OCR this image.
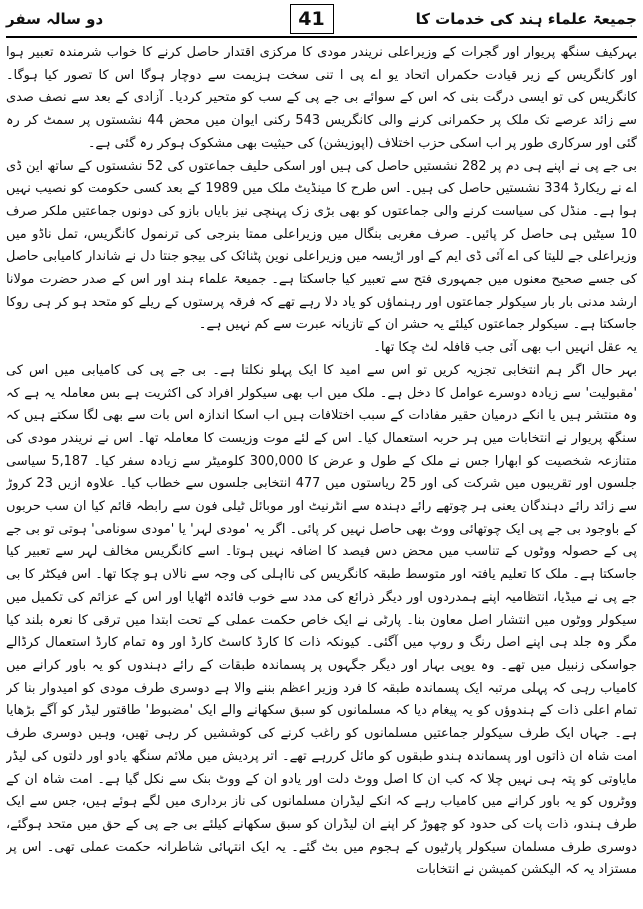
دو سالہ سفر	41	جمیعۃ علماء ہند کی خدمات کا

بہرکیف سنگھ پریوار اور گجرات کے وزیراعلی نریندر مودی کا مرکزی اقتدار حاصل کرنے کا خواب شرمندہ تعبیر ہوا اور کانگریس کے زیر قیادت حکمراں اتحاد یو اے پی ا تنی سخت ہزیمت سے دوچار ہوگا اس کا تصور کیا ہوگا۔ کانگریس کی تو ایسی درگت بنی کہ اس کے سوائے بی جے پی کے سب کو متحیر کردیا۔ آزادی کے بعد سے نصف صدی سے زائد عرصے تک ملک پر حکمرانی کرنے والی کانگریس 543 رکنی ایوان میں محض 44 نشستوں پر سمٹ کر رہ گئی اور سرکاری طور پر اب اسکی حزب اختلاف (اپوزیشن) کی حیثیت بھی مشکوک ہوکر رہ گئی ہے۔

بی جے پی نے اپنے ہی دم پر 282 نشستیں حاصل کی ہیں اور اسکی حلیف جماعتوں کی 52 نشستوں کے ساتھ این ڈی اے نے ریکارڈ 334 نشستیں حاصل کی ہیں۔ اس طرح کا مینڈیٹ ملک میں 1989 کے بعد کسی حکومت کو نصیب نہیں ہوا ہے۔ منڈل کی سیاست کرنے والی جماعتوں کو بھی بڑی زک پہنچی نیز بایاں بازو کی دونوں جماعتیں ملکر صرف 10 سیٹیں ہی حاصل کر پائیں۔ صرف مغربی بنگال میں وزیراعلی ممتا بنرجی کی ترنمول کانگریس، تمل ناڈو میں وزیراعلی جے للیتا کی اے آئی ڈی ایم کے اور اڑیسہ میں وزیراعلی نوین پٹنائک کی بیجو جنتا دل نے شاندار کامیابی حاصل کی جسے صحیح معنوں میں جمہوری فتح سے تعبیر کیا جاسکتا ہے۔ جمیعۃ علماء ہند اور اس کے صدر حضرت مولانا ارشد مدنی بار بار سیکولر جماعتوں اور رہنماؤں کو یاد دلا رہے تھے کہ فرقہ پرستوں کے ریلے کو متحد ہو کر ہی روکا جاسکتا ہے۔ سیکولر جماعتوں کیلئے یہ حشر ان کے تازیانہ عبرت سے کم نہیں ہے۔

یہ عقل انہیں اب بھی آئی جب قافلہ لٹ چکا تھا۔

بہر حال اگر ہم انتخابی تجزیہ کریں تو اس سے امید کا ایک پہلو نکلتا ہے۔ بی جے پی کی کامیابی میں اس کی 'مقبولیت' سے زیادہ دوسرے عوامل کا دخل ہے۔ ملک میں اب بھی سیکولر افراد کی اکثریت ہے بس معاملہ یہ ہے کہ وہ منتشر ہیں یا انکے درمیان حقیر مفادات کے سبب اختلافات ہیں اب اسکا اندازہ اس بات سے بھی لگا سکتے ہیں کہ سنگھ پریوار نے انتخابات میں ہر حربہ استعمال کیا۔ اس کے لئے موت وزیست کا معاملہ تھا۔ اس نے نریندر مودی کی متنازعہ شخصیت کو ابھارا جس نے ملک کے طول و عرض کا 300,000 کلومیٹر سے زیادہ سفر کیا۔ 5,187 سیاسی جلسوں اور تقریبوں میں شرکت کی اور 25 ریاستوں میں 477 انتخابی جلسوں سے خطاب کیا۔ علاوہ ازیں 23 کروڑ سے زائد رائے دہندگان یعنی ہر چوتھے رائے دہندہ سے انٹرنیٹ اور موبائل ٹیلی فون سے رابطہ قائم کیا ان سب حربوں کے باوجود بی جے پی ایک چوتھائی ووٹ بھی حاصل نہیں کر پائی۔ اگر یہ 'مودی لہر' یا 'مودی سونامی' ہوتی تو بی جے پی کے حصولہ ووٹوں کے تناسب میں محض دس فیصد کا اضافہ نہیں ہوتا۔ اسے کانگریس مخالف لہر سے تعبیر کیا جاسکتا ہے۔ ملک کا تعلیم یافتہ اور متوسط طبقہ کانگریس کی نااہلی کی وجہ سے نالاں ہو چکا تھا۔ اس فیکٹر کا بی جے پی نے میڈیا، انتظامیہ اپنے ہمدردوں اور دیگر ذرائع کی مدد سے خوب فائدہ اٹھایا اور اس کے عزائم کی تکمیل میں سیکولر ووٹوں میں انتشار اصل معاون بنا۔ پارٹی نے ایک خاص حکمت عملی کے تحت ابتدا میں ترقی کا نعرہ بلند کیا مگر وہ جلد ہی اپنے اصل رنگ و روپ میں آگئی۔ کیونکہ ذات کا کارڈ کاسٹ کارڈ اور وہ تمام کارڈ استعمال کرڈالے جواسکی زنبیل میں تھے۔ وہ یوپی بہار اور دیگر جگہوں پر پسماندہ طبقات کے رائے دہندوں کو یہ باور کرانے میں کامیاب رہی کہ پہلی مرتبہ ایک پسماندہ طبقہ کا فرد وزیر اعظم بننے والا ہے دوسری طرف مودی کو امیدوار بنا کر تمام اعلی ذات کے ہندوؤں کو یہ پیغام دیا کہ مسلمانوں کو سبق سکھانے والے ایک 'مضبوط' طاقتور لیڈر کو آگے بڑھایا ہے۔ جہاں ایک طرف سیکولر جماعتیں مسلمانوں کو راغب کرنے کی کوششیں کر رہی تھیں، وہیں دوسری طرف امت شاہ ان ذاتوں اور پسماندہ ہندو طبقوں کو مائل کررہے تھے۔ اتر پردیش میں ملائم سنگھ یادو اور دلتوں کی لیڈر مایاوتی کو پتہ ہی نہیں چلا کہ کب ان کا اصل ووٹ دلت اور یادو ان کے ووٹ بنک سے نکل گیا ہے۔ امت شاہ ان کے ووٹروں کو یہ باور کرانے میں کامیاب رہے کہ انکے لیڈران مسلمانوں کی ناز برداری میں لگے ہوئے ہیں، جس سے ایک طرف ہندو، ذات پات کی حدود کو چھوڑ کر اپنے ان لیڈران کو سبق سکھانے کیلئے بی جے پی کے حق میں متحد ہوگئے، دوسری طرف مسلمان سیکولر پارٹیوں کے ہجوم میں بٹ گئے۔ یہ ایک انتہائی شاطرانہ حکمت عملی تھی۔ اس پر مستزاد یہ کہ الیکشن کمیشن نے انتخابات
